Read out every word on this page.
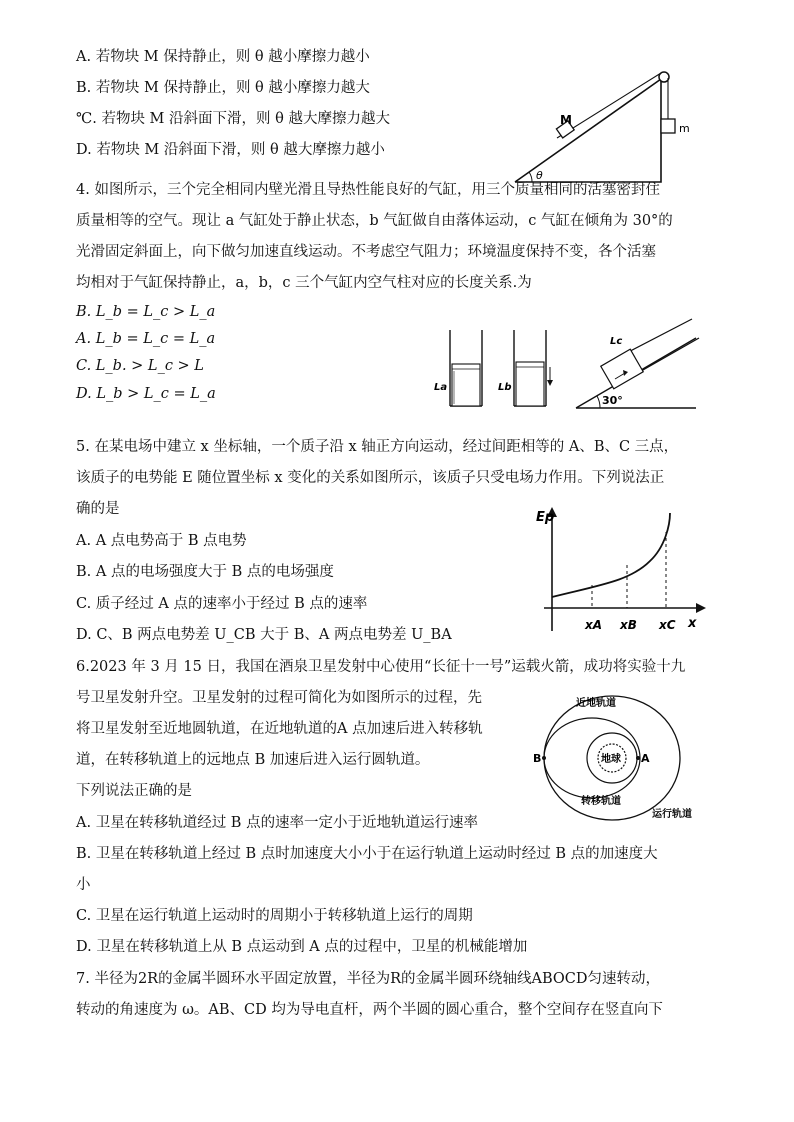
A. 若物块 M 保持静止，则 θ 越小摩擦力越小
B. 若物块 M 保持静止，则 θ 越小摩擦力越大
℃. 若物块 M 沿斜面下滑，则 θ 越大摩擦力越大
D. 若物块 M 沿斜面下滑，则 θ 越大摩擦力越小
M
m
θ
4. 如图所示，三个完全相同内壁光滑且导热性能良好的气缸，用三个质量相同的活塞密封住
质量相等的空气。现让 a 气缸处于静止状态，b 气缸做自由落体运动，c 气缸在倾角为 30°的
光滑固定斜面上，向下做匀加速直线运动。不考虑空气阻力；环境温度保持不变，各个活塞
均相对于气缸保持静止，a，b，c 三个气缸内空气柱对应的长度关系.为
B. L_b = L_c > L_a
A. L_b = L_c = L_a
C. L_b. > L_c > L
D. L_b > L_c = L_a	La	Lb
Lc
30°
5. 在某电场中建立 x 坐标轴，一个质子沿 x 轴正方向运动，经过间距相等的 A、B、C 三点，
该质子的电势能 E 随位置坐标 x 变化的关系如图所示，该质子只受电场力作用。下列说法正
确的是
A. A 点电势高于 B 点电势
B. A 点的电场强度大于 B 点的电场强度
C. 质子经过 A 点的速率小于经过 B 点的速率
D. C、B 两点电势差 U_CB 大于 B、A 两点电势差 U_BA
Ep
x
xA xB xC
6.2023 年 3 月 15 日，我国在酒泉卫星发射中心使用“长征十一号”运载火箭，成功将实验十九
号卫星发射升空。卫星发射的过程可简化为如图所示的过程，先
将卫星发射至近地圆轨道，在近地轨道的A 点加速后进入转移轨
道，在转移轨道上的远地点 B 加速后进入运行圆轨道。
下列说法正确的是
A. 卫星在转移轨道经过 B 点的速率一定小于近地轨道运行速率
B. 卫星在转移轨道上经过 B 点时加速度大小小于在运行轨道上运动时经过 B 点的加速度大
小
C. 卫星在运行轨道上运动时的周期小于转移轨道上运行的周期
D. 卫星在转移轨道上从 B 点运动到 A 点的过程中，卫星的机械能增加
近地轨道
地球 A
B
转移轨道
运行轨道
7. 半径为2R的金属半圆环水平固定放置，半径为R的金属半圆环绕轴线ABOCD匀速转动，
转动的角速度为 ω。AB、CD 均为导电直杆，两个半圆的圆心重合，整个空间存在竖直向下
